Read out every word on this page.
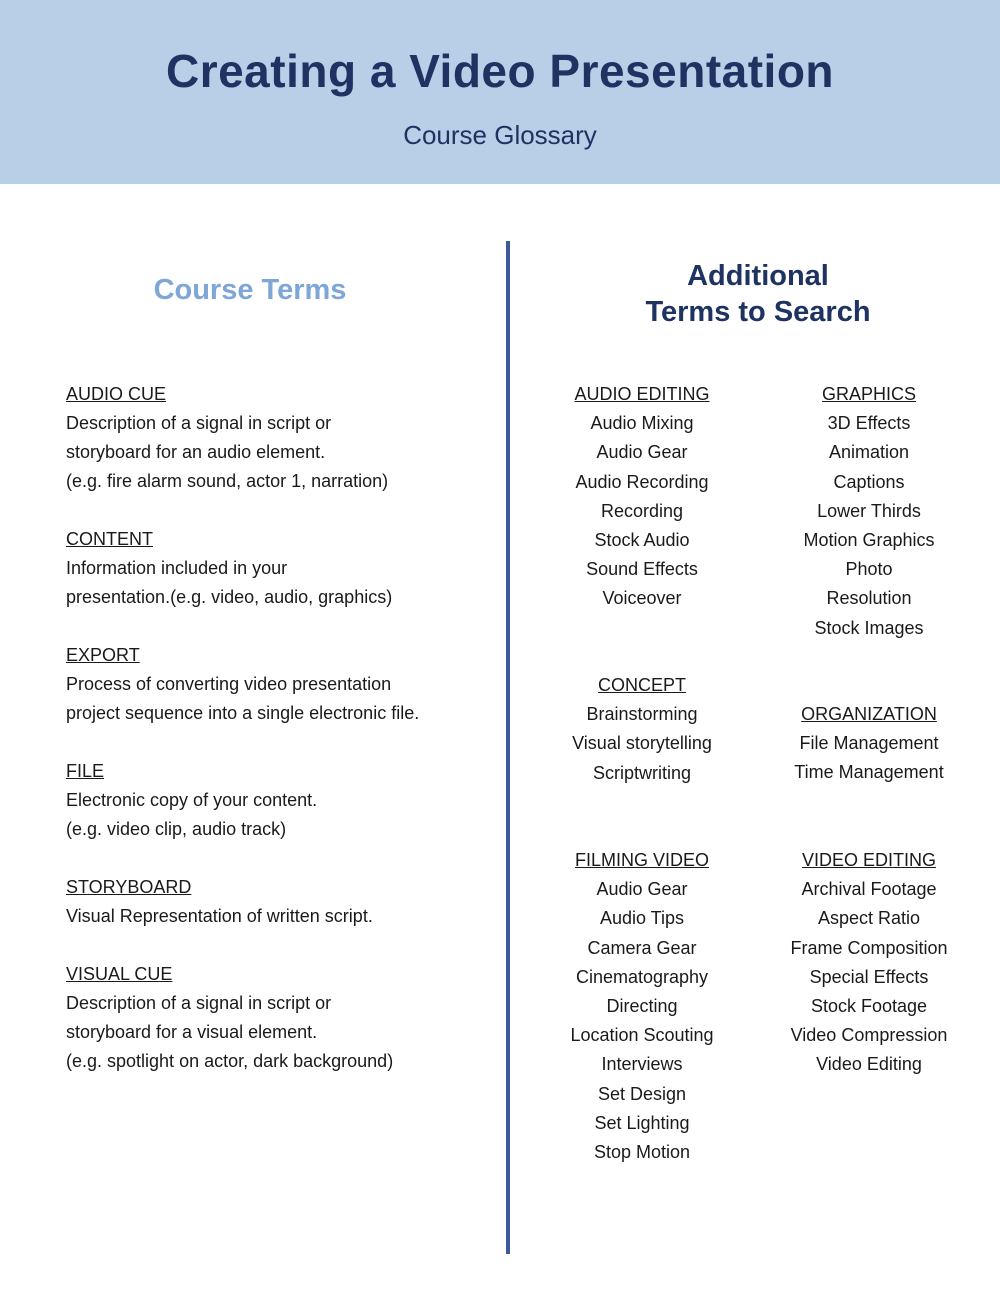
Creating a Video Presentation
Course Glossary
Course Terms	Additional
Terms to Search
AUDIO CUE
Description of a signal in script or
storyboard for an audio element.
(e.g. fire alarm sound, actor 1, narration)
CONTENT
Information included in your
presentation.(e.g. video, audio, graphics)
EXPORT
Process of converting video presentation
project sequence into a single electronic file.
FILE
Electronic copy of your content.
(e.g. video clip, audio track)
STORYBOARD
Visual Representation of written script.
VISUAL CUE
Description of a signal in script or
storyboard for a visual element.
(e.g. spotlight on actor, dark background)
AUDIO EDITING
Audio Mixing
Audio Gear
Audio Recording
Recording
Stock Audio
Sound Effects
Voiceover
GRAPHICS
3D Effects
Animation
Captions
Lower Thirds
Motion Graphics
Photo
Resolution
Stock Images
CONCEPT
Brainstorming
Visual storytelling
Scriptwriting
ORGANIZATION
File Management
Time Management
FILMING VIDEO
Audio Gear
Audio Tips
Camera Gear
Cinematography
Directing
Location Scouting
Interviews
Set Design
Set Lighting
Stop Motion
VIDEO EDITING
Archival Footage
Aspect Ratio
Frame Composition
Special Effects
Stock Footage
Video Compression
Video Editing
